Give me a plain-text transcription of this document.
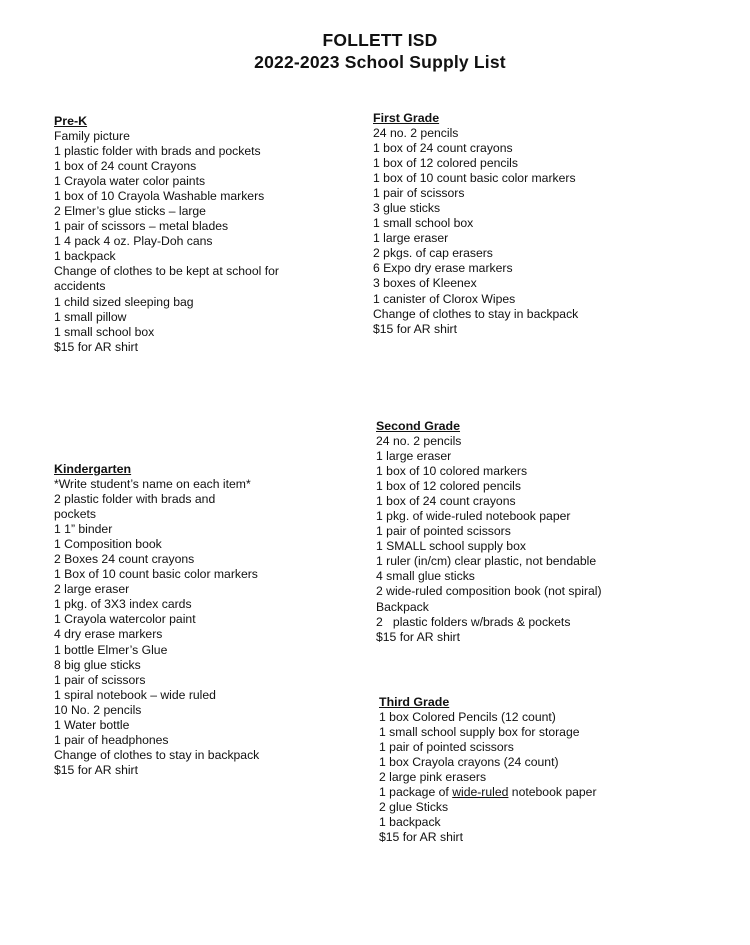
FOLLETT ISD
2022-2023 School Supply List
Pre-K
Family picture
1 plastic folder with brads and pockets
1 box of 24 count Crayons
1 Crayola water color paints
1 box of 10 Crayola Washable markers
2 Elmer’s glue sticks – large
1 pair of scissors – metal blades
1 4 pack 4 oz. Play-Doh cans
1 backpack
Change of clothes to be kept at school for
accidents
1 child sized sleeping bag
1 small pillow
1 small school box
$15 for AR shirt
Kindergarten
*Write student’s name on each item*
2 plastic folder with brads and
pockets
1 1” binder
1 Composition book
2 Boxes 24 count crayons
1 Box of 10 count basic color markers
2 large eraser
1 pkg. of 3X3 index cards
1 Crayola watercolor paint
4 dry erase markers
1 bottle Elmer’s Glue
8 big glue sticks
1 pair of scissors
1 spiral notebook – wide ruled
10 No. 2 pencils
1 Water bottle
1 pair of headphones
Change of clothes to stay in backpack
$15 for AR shirt
First Grade
24 no. 2 pencils
1 box of 24 count crayons
1 box of 12 colored pencils
1 box of 10 count basic color markers
1 pair of scissors
3 glue sticks
1 small school box
1 large eraser
2 pkgs. of cap erasers
6 Expo dry erase markers
3 boxes of Kleenex
1 canister of Clorox Wipes
Change of clothes to stay in backpack
$15 for AR shirt
Second Grade
24 no. 2 pencils
1 large eraser
1 box of 10 colored markers
1 box of 12 colored pencils
1 box of 24 count crayons
1 pkg. of wide-ruled notebook paper
1 pair of pointed scissors
1 SMALL school supply box
1 ruler (in/cm) clear plastic, not bendable
4 small glue sticks
2 wide-ruled composition book (not spiral)
Backpack
2   plastic folders w/brads & pockets
$15 for AR shirt
Third Grade
1 box Colored Pencils (12 count)
1 small school supply box for storage
1 pair of pointed scissors
1 box Crayola crayons (24 count)
2 large pink erasers
1 package of wide-ruled notebook paper
2 glue Sticks
1 backpack
$15 for AR shirt
